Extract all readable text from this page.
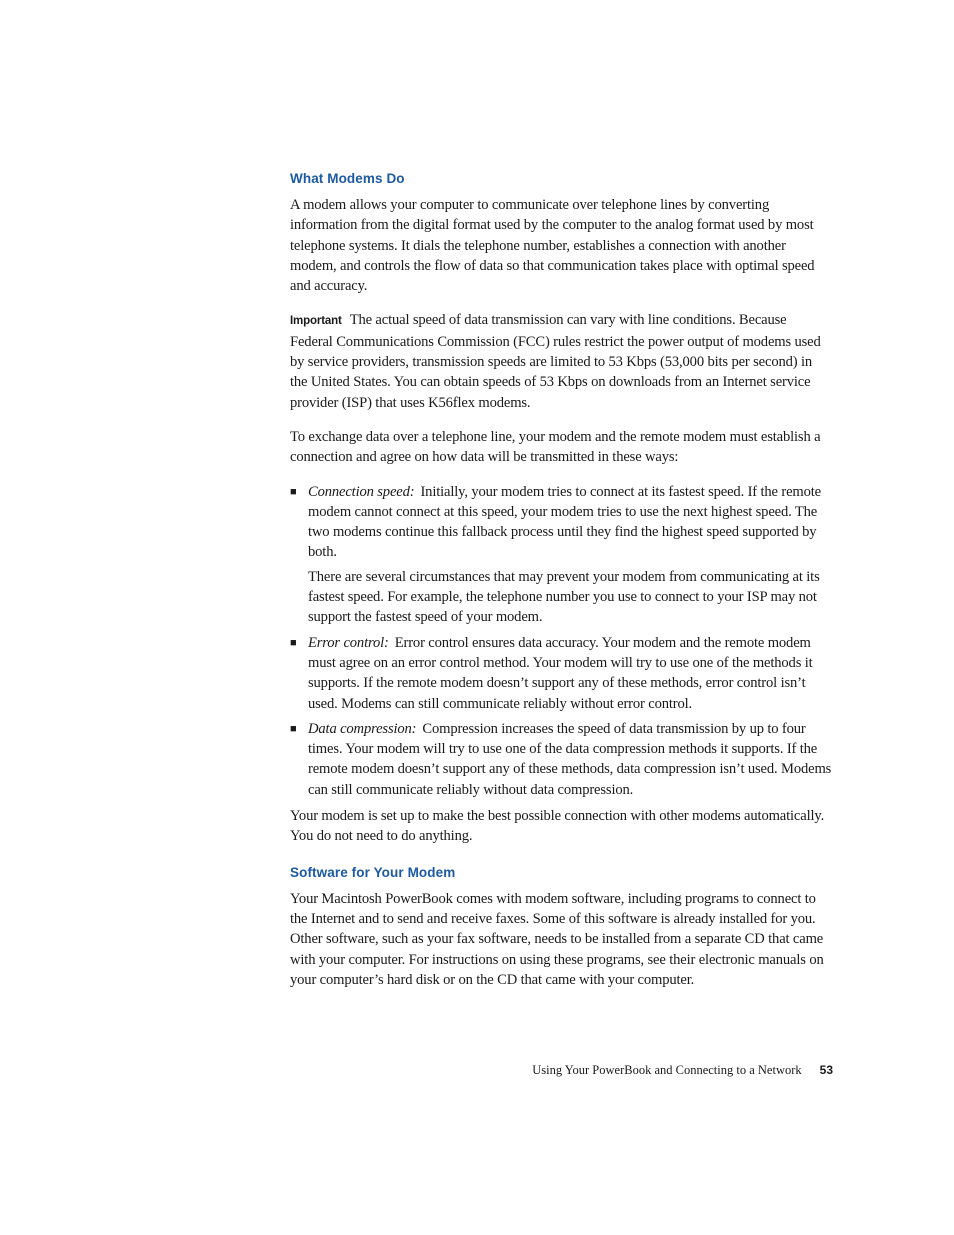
What Modems Do

A modem allows your computer to communicate over telephone lines by converting information from the digital format used by the computer to the analog format used by most telephone systems. It dials the telephone number, establishes a connection with another modem, and controls the flow of data so that communication takes place with optimal speed and accuracy.

Important The actual speed of data transmission can vary with line conditions. Because Federal Communications Commission (FCC) rules restrict the power output of modems used by service providers, transmission speeds are limited to 53 Kbps (53,000 bits per second) in the United States. You can obtain speeds of 53 Kbps on downloads from an Internet service provider (ISP) that uses K56flex modems.

To exchange data over a telephone line, your modem and the remote modem must establish a connection and agree on how data will be transmitted in these ways:

■ Connection speed: Initially, your modem tries to connect at its fastest speed. If the remote modem cannot connect at this speed, your modem tries to use the next highest speed. The two modems continue this fallback process until they find the highest speed supported by both.

There are several circumstances that may prevent your modem from communicating at its fastest speed. For example, the telephone number you use to connect to your ISP may not support the fastest speed of your modem.

■ Error control: Error control ensures data accuracy. Your modem and the remote modem must agree on an error control method. Your modem will try to use one of the methods it supports. If the remote modem doesn’t support any of these methods, error control isn’t used. Modems can still communicate reliably without error control.

■ Data compression: Compression increases the speed of data transmission by up to four times. Your modem will try to use one of the data compression methods it supports. If the remote modem doesn’t support any of these methods, data compression isn’t used. Modems can still communicate reliably without data compression.

Your modem is set up to make the best possible connection with other modems automatically. You do not need to do anything.

Software for Your Modem

Your Macintosh PowerBook comes with modem software, including programs to connect to the Internet and to send and receive faxes. Some of this software is already installed for you. Other software, such as your fax software, needs to be installed from a separate CD that came with your computer. For instructions on using these programs, see their electronic manuals on your computer’s hard disk or on the CD that came with your computer.

Using Your PowerBook and Connecting to a Network 53
